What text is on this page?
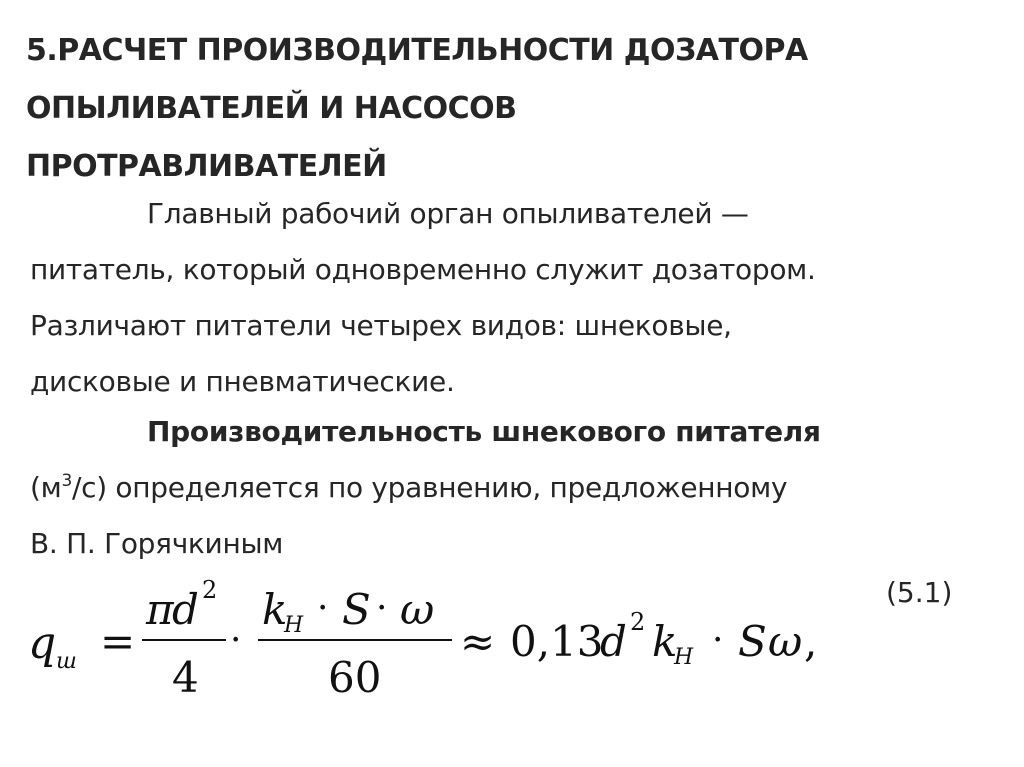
5.РАСЧЕТ ПРОИЗВОДИТЕЛЬНОСТИ ДОЗАТОРА
ОПЫЛИВАТЕЛЕЙ И НАСОСОВ
ПРОТРАВЛИВАТЕЛЕЙ
Главный рабочий орган опыливателей —
питатель, который одновременно служит дозатором.
Различают питатели четырех видов: шнековые,
дисковые и пневматические.
Производительность шнекового питателя
$(м^3/с)$ определяется по уравнению, предложенному
В. П. Горячкиным
q ш =
π
d 2
4
·
k
H · S · ω
60
≈ 0,13
d 2 k
H · S ω ,
(5.1)
